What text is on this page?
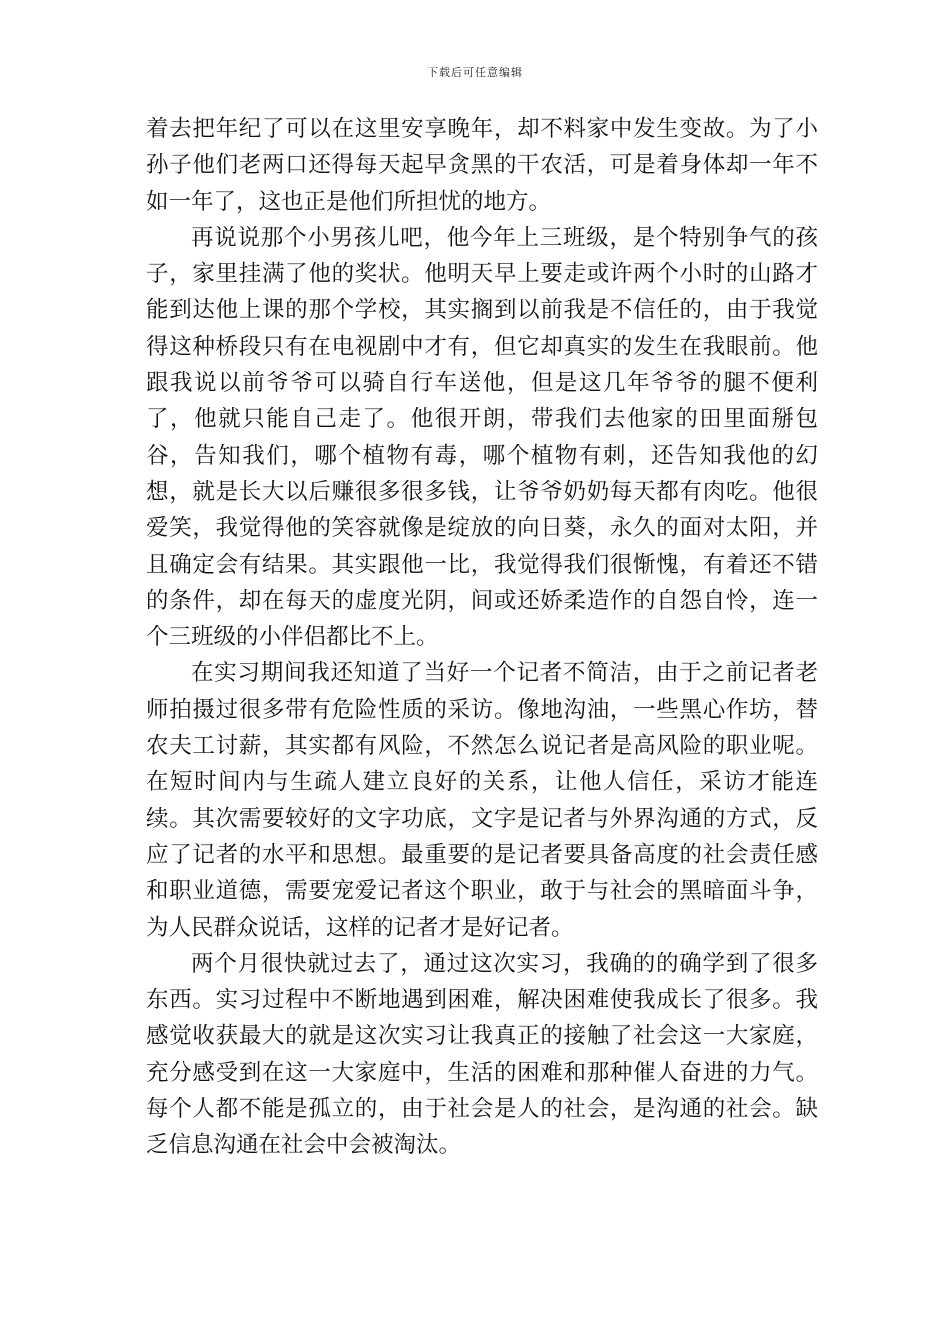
下载后可任意编辑

着去把年纪了可以在这里安享晚年，却不料家中发生变故。为了小孙子他们老两口还得每天起早贪黑的干农活，可是着身体却一年不如一年了，这也正是他们所担忧的地方。

再说说那个小男孩儿吧，他今年上三班级，是个特别争气的孩子，家里挂满了他的奖状。他明天早上要走或许两个小时的山路才能到达他上课的那个学校，其实搁到以前我是不信任的，由于我觉得这种桥段只有在电视剧中才有，但它却真实的发生在我眼前。他跟我说以前爷爷可以骑自行车送他，但是这几年爷爷的腿不便利了，他就只能自己走了。他很开朗，带我们去他家的田里面掰包谷，告知我们，哪个植物有毒，哪个植物有刺，还告知我他的幻想，就是长大以后赚很多很多钱，让爷爷奶奶每天都有肉吃。他很爱笑，我觉得他的笑容就像是绽放的向日葵，永久的面对太阳，并且确定会有结果。其实跟他一比，我觉得我们很惭愧，有着还不错的条件，却在每天的虚度光阴，间或还娇柔造作的自怨自怜，连一个三班级的小伴侣都比不上。

在实习期间我还知道了当好一个记者不简洁，由于之前记者老师拍摄过很多带有危险性质的采访。像地沟油，一些黑心作坊，替农夫工讨薪，其实都有风险，不然怎么说记者是高风险的职业呢。在短时间内与生疏人建立良好的关系，让他人信任，采访才能连续。其次需要较好的文字功底，文字是记者与外界沟通的方式，反应了记者的水平和思想。最重要的是记者要具备高度的社会责任感和职业道德，需要宠爱记者这个职业，敢于与社会的黑暗面斗争，为人民群众说话，这样的记者才是好记者。

两个月很快就过去了，通过这次实习，我确的的确学到了很多东西。实习过程中不断地遇到困难，解决困难使我成长了很多。我感觉收获最大的就是这次实习让我真正的接触了社会这一大家庭，充分感受到在这一大家庭中，生活的困难和那种催人奋进的力气。每个人都不能是孤立的，由于社会是人的社会，是沟通的社会。缺乏信息沟通在社会中会被淘汰。
